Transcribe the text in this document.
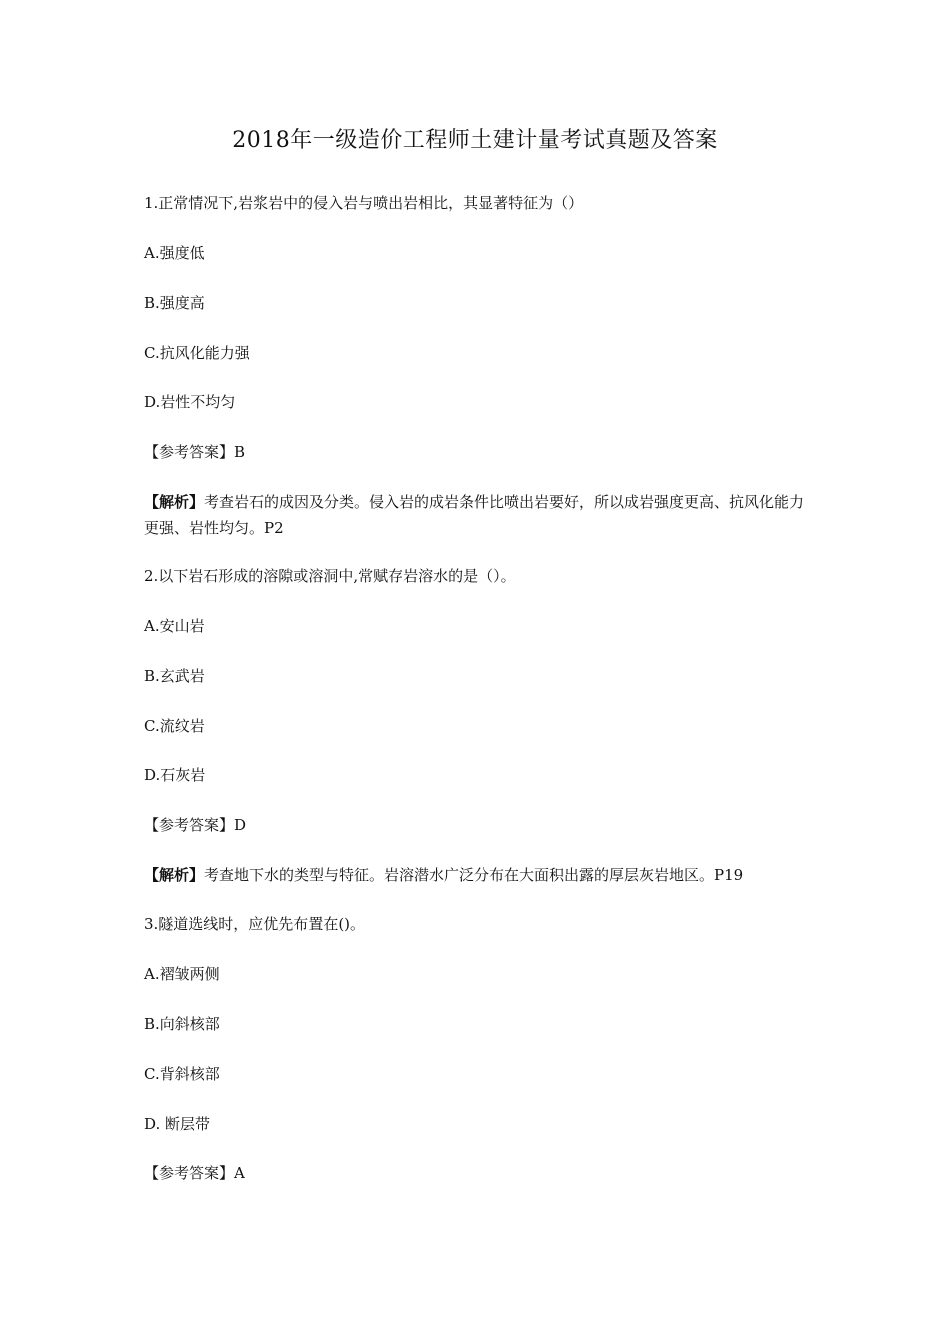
2018年一级造价工程师土建计量考试真题及答案
1.正常情况下,岩浆岩中的侵入岩与喷出岩相比，其显著特征为（）
A.强度低
B.强度高
C.抗风化能力强
D.岩性不均匀
【参考答案】B
【解析】考查岩石的成因及分类。侵入岩的成岩条件比喷出岩要好，所以成岩强度更高、抗风化能力更强、岩性均匀。P2
2.以下岩石形成的溶隙或溶洞中,常赋存岩溶水的是（）。
A.安山岩
B.玄武岩
C.流纹岩
D.石灰岩
【参考答案】D
【解析】考查地下水的类型与特征。岩溶潜水广泛分布在大面积出露的厚层灰岩地区。P19
3.隧道选线时，应优先布置在()。
A.褶皱两侧
B.向斜核部
C.背斜核部
D. 断层带
【参考答案】A
